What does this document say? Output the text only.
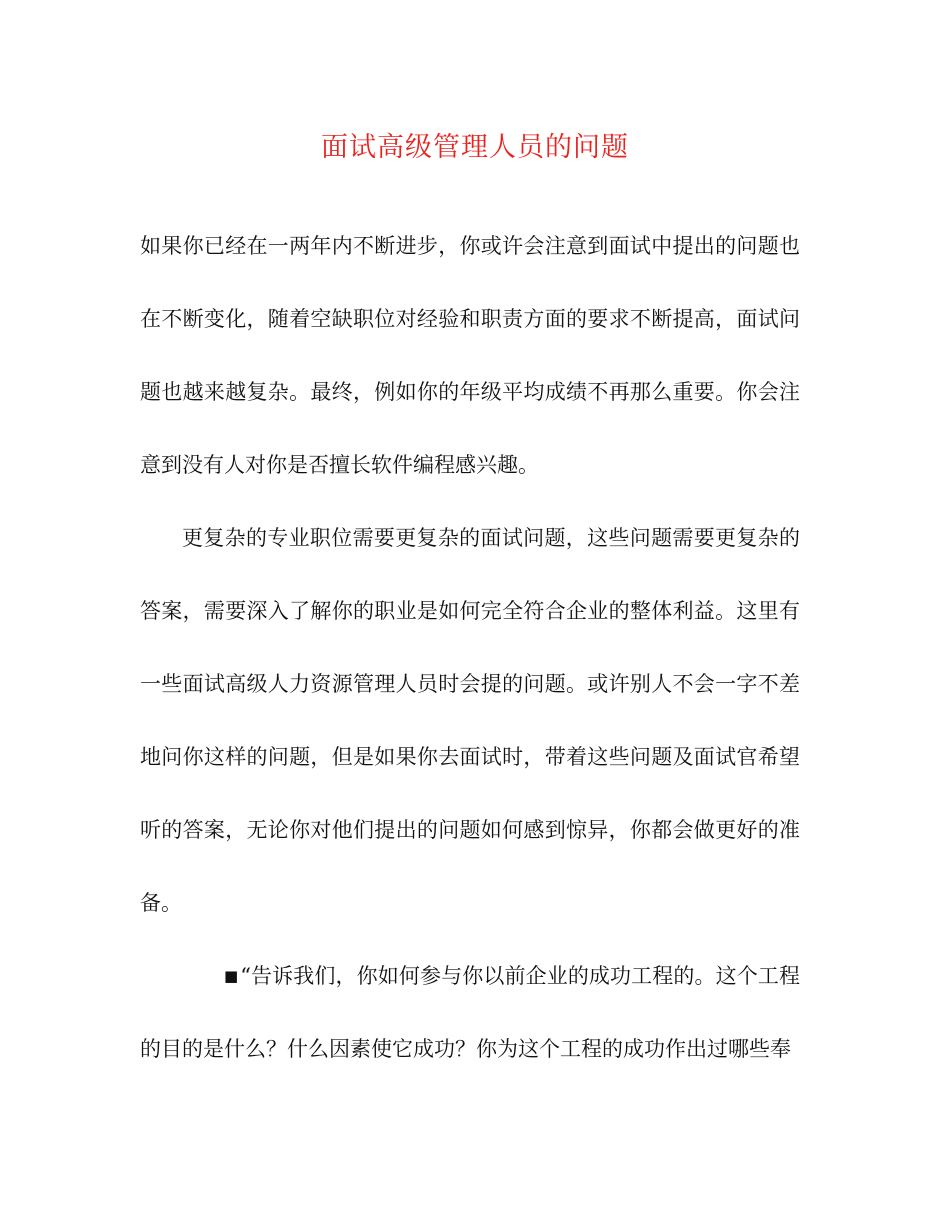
面试高级管理人员的问题

如果你已经在一两年内不断进步，你或许会注意到面试中提出的问题也在不断变化，随着空缺职位对经验和职责方面的要求不断提高，面试问题也越来越复杂。最终，例如你的年级平均成绩不再那么重要。你会注意到没有人对你是否擅长软件编程感兴趣。

更复杂的专业职位需要更复杂的面试问题，这些问题需要更复杂的答案，需要深入了解你的职业是如何完全符合企业的整体利益。这里有一些面试高级人力资源管理人员时会提的问题。或许别人不会一字不差地问你这样的问题，但是如果你去面试时，带着这些问题及面试官希望听的答案，无论你对他们提出的问题如何感到惊异，你都会做更好的准备。

■“告诉我们，你如何参与你以前企业的成功工程的。这个工程的目的是什么？什么因素使它成功？你为这个工程的成功作出过哪些奉
